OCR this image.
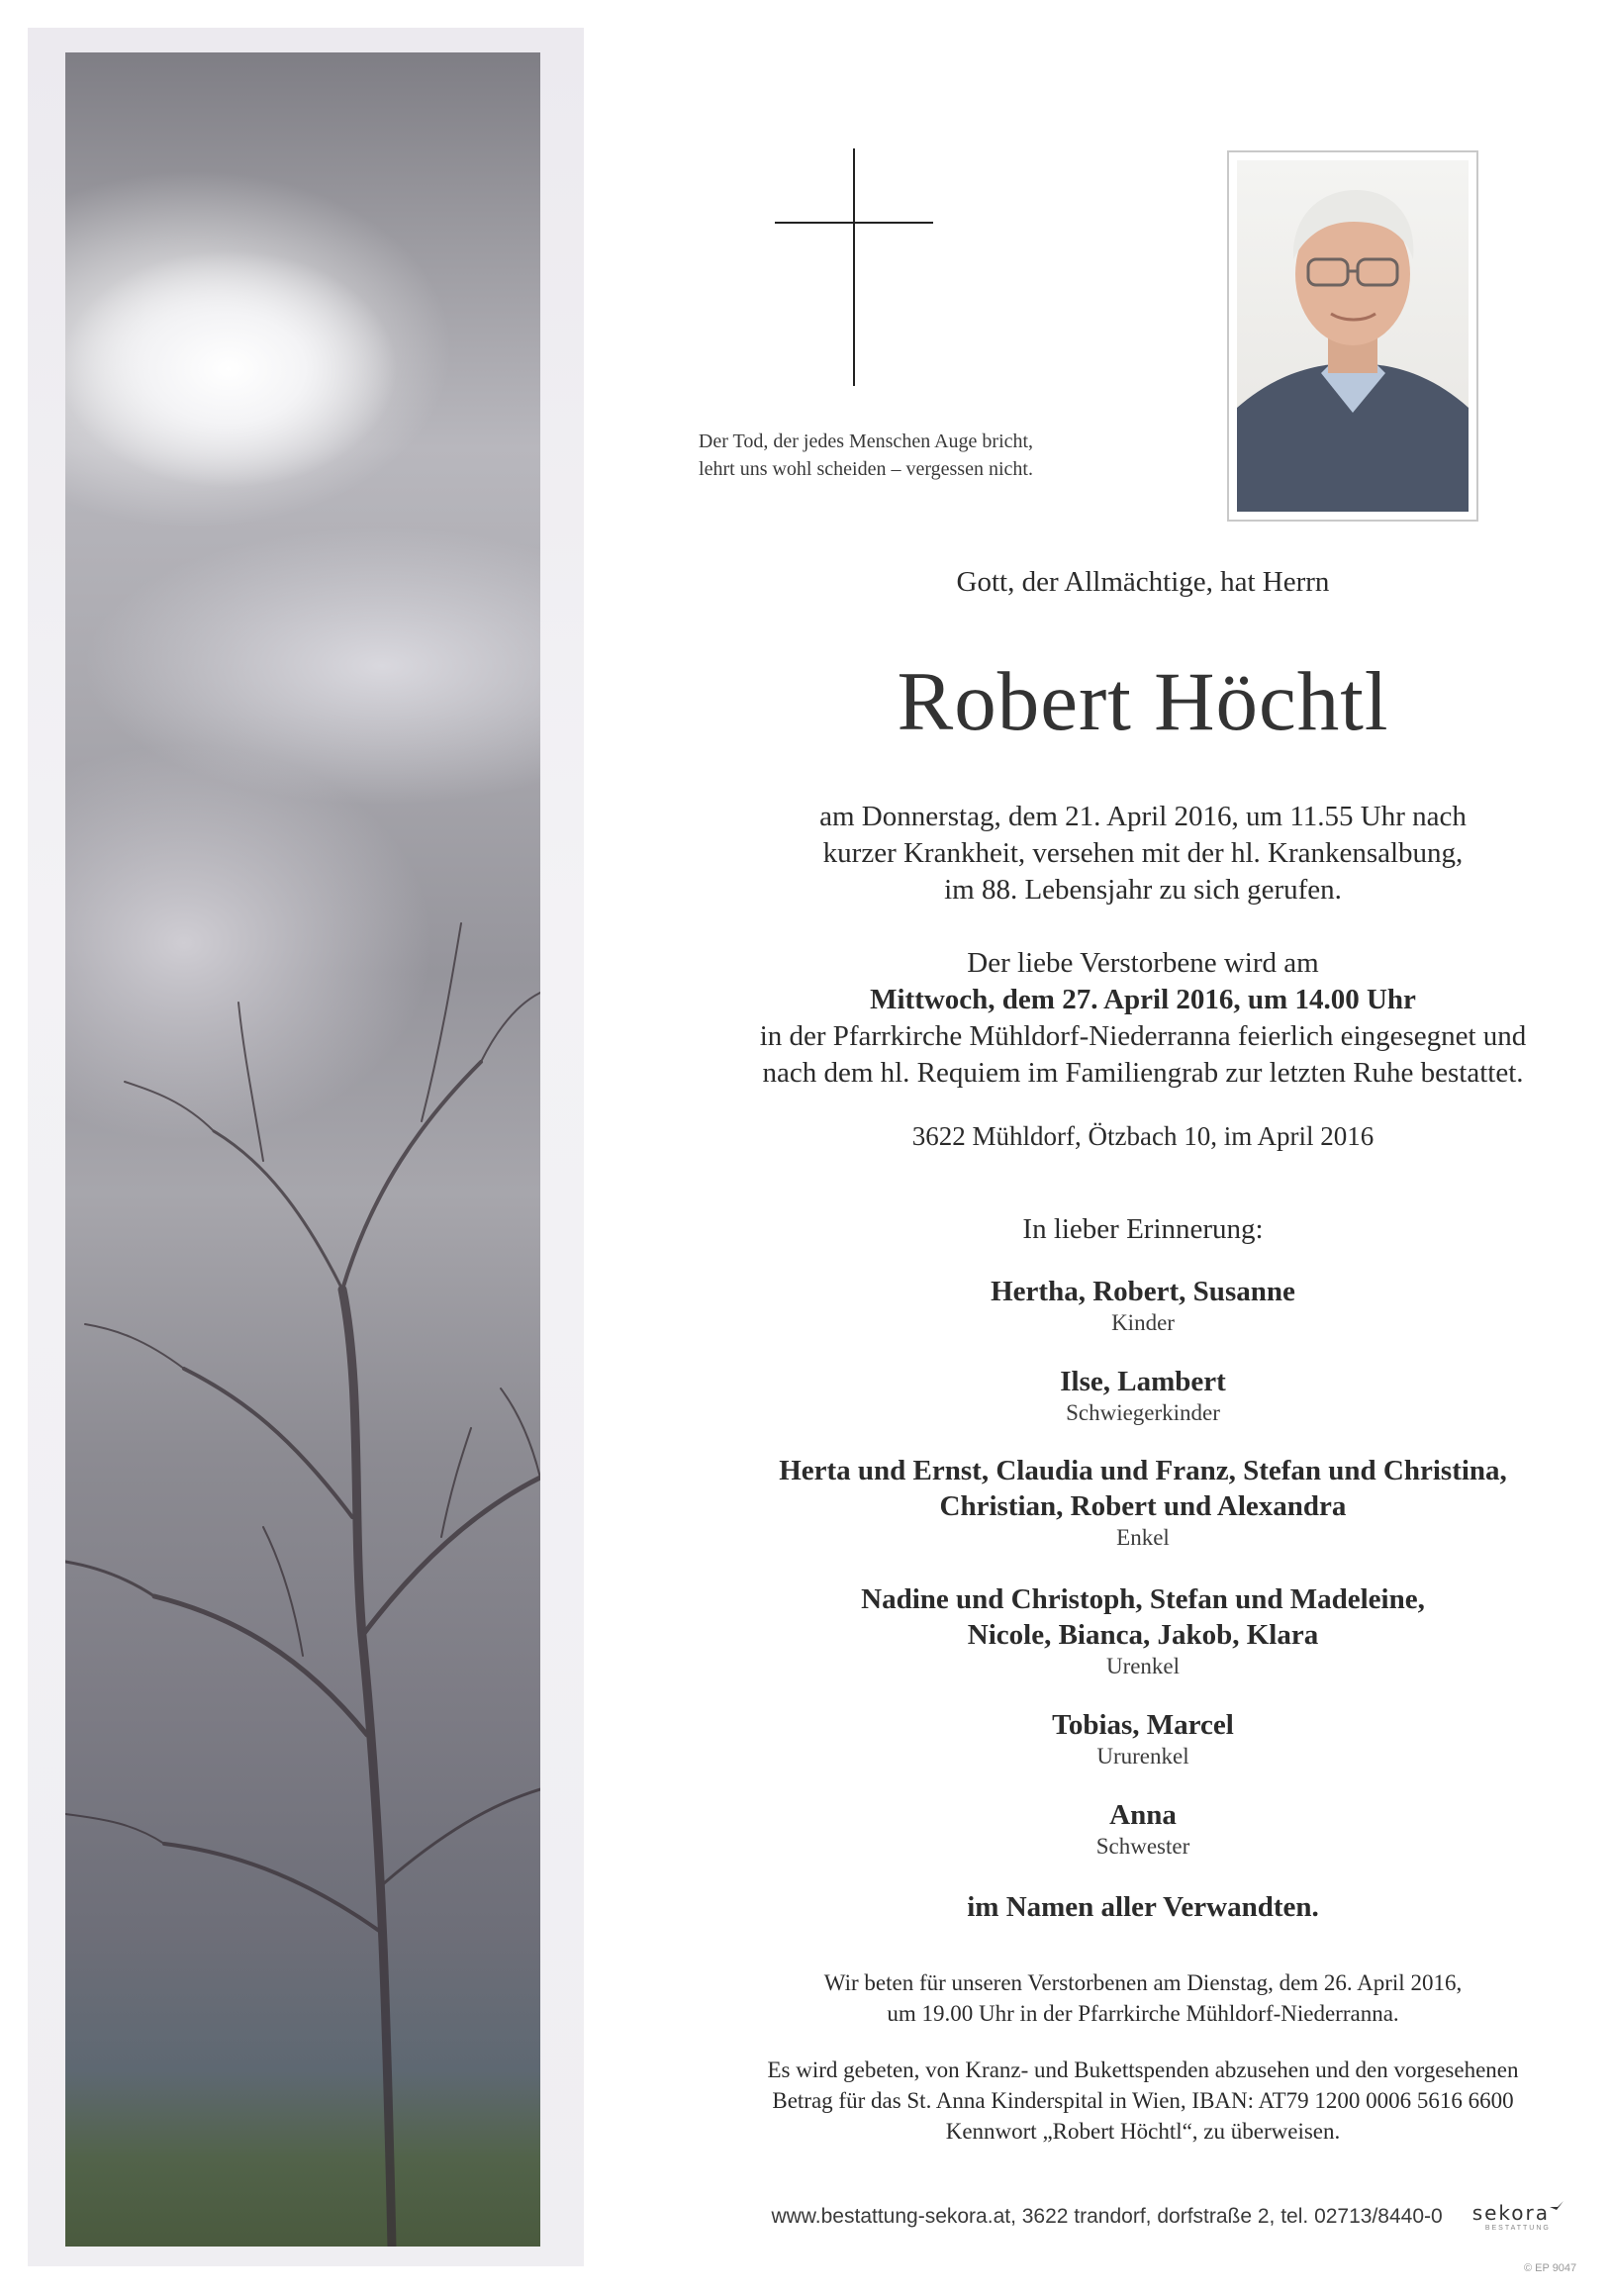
Der Tod, der jedes Menschen Auge bricht,
lehrt uns wohl scheiden – vergessen nicht.
Gott, der Allmächtige, hat Herrn
Robert Höchtl
am Donnerstag, dem 21. April 2016, um 11.55 Uhr nach
kurzer Krankheit, versehen mit der hl. Krankensalbung,
im 88. Lebensjahr zu sich gerufen.
Der liebe Verstorbene wird am
Mittwoch, dem 27. April 2016, um 14.00 Uhr
in der Pfarrkirche Mühldorf-Niederranna feierlich eingesegnet und
nach dem hl. Requiem im Familiengrab zur letzten Ruhe bestattet.
3622 Mühldorf, Ötzbach 10, im April 2016
In lieber Erinnerung:
Hertha, Robert, Susanne
Kinder
Ilse, Lambert
Schwiegerkinder
Herta und Ernst, Claudia und Franz, Stefan und Christina,
Christian, Robert und Alexandra
Enkel
Nadine und Christoph, Stefan und Madeleine,
Nicole, Bianca, Jakob, Klara
Urenkel
Tobias, Marcel
Ururenkel
Anna
Schwester
im Namen aller Verwandten.
Wir beten für unseren Verstorbenen am Dienstag, dem 26. April 2016,
um 19.00 Uhr in der Pfarrkirche Mühldorf-Niederranna.
Es wird gebeten, von Kranz- und Bukettspenden abzusehen und den vorgesehenen
Betrag für das St. Anna Kinderspital in Wien, IBAN: AT79 1200 0006 5616 6600
Kennwort „Robert Höchtl“, zu überweisen.
www.bestattung-sekora.at, 3622 trandorf, dorfstraße 2, tel. 02713/8440-0 sekora
BESTATTUNG
© EP 9047
